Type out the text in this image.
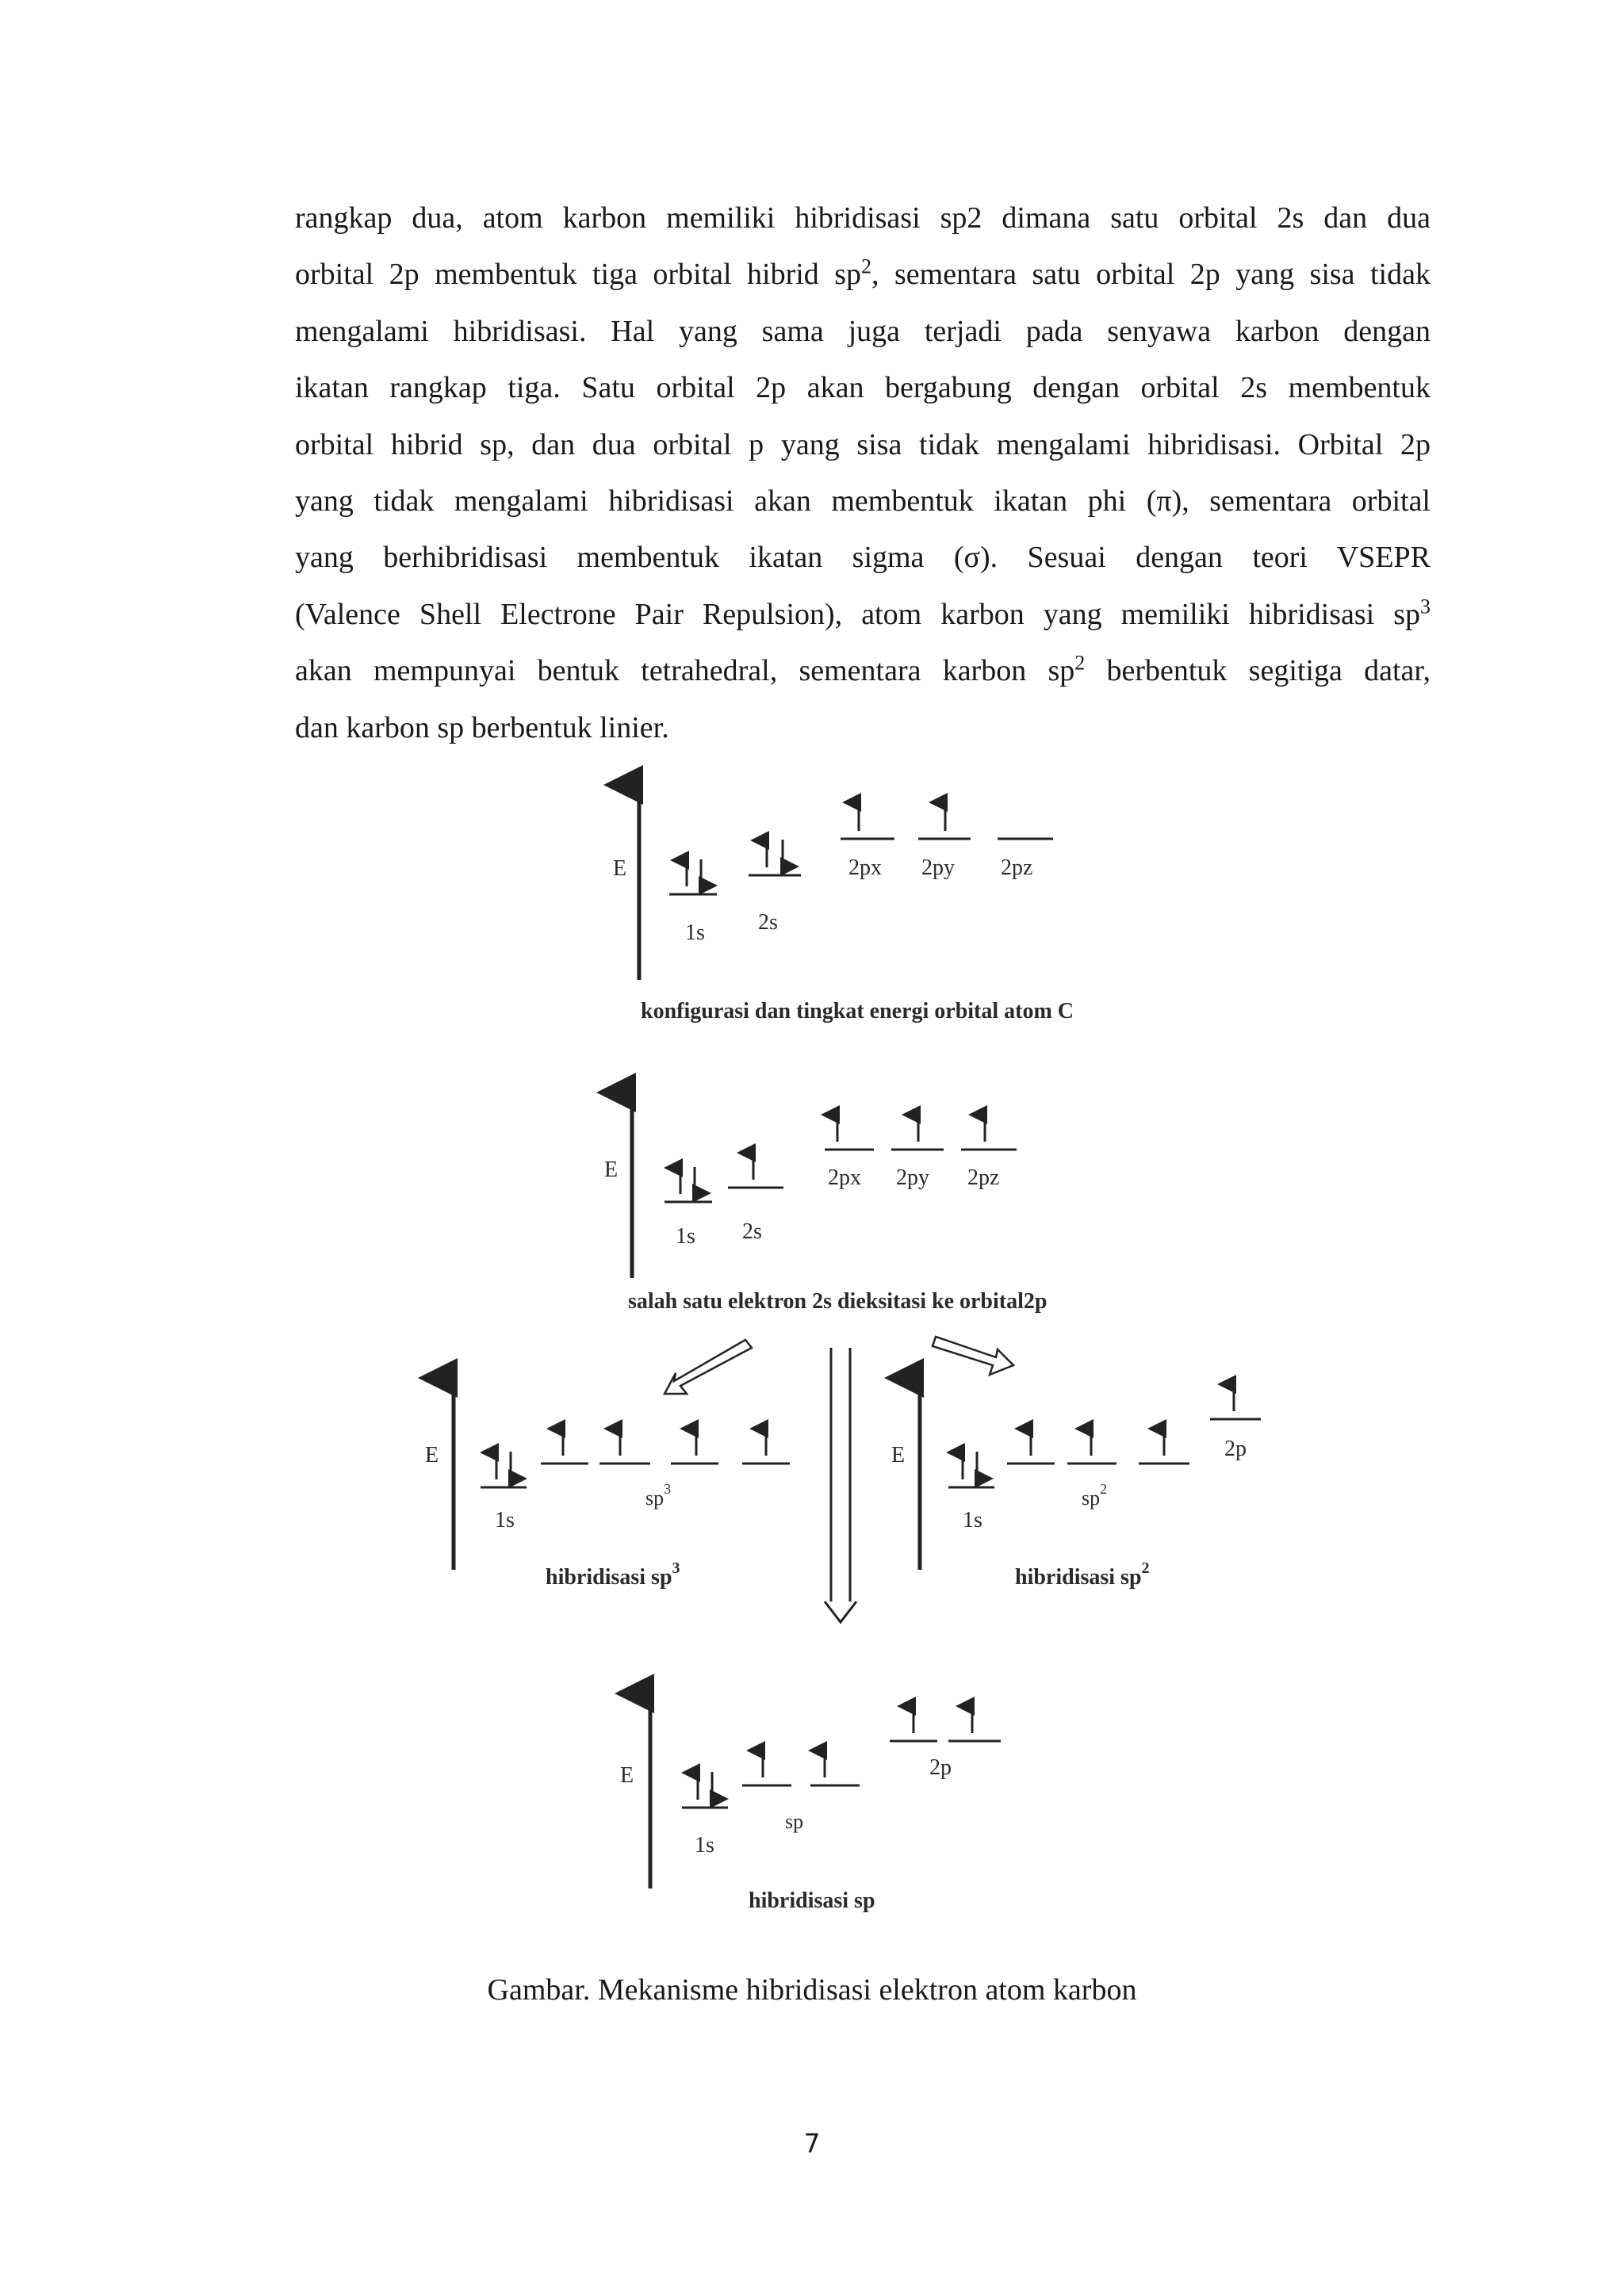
rangkap dua, atom karbon memiliki hibridisasi sp2 dimana satu orbital 2s dan dua
orbital 2p membentuk tiga orbital hibrid $sp^2$, sementara satu orbital 2p yang sisa tidak
mengalami hibridisasi. Hal yang sama juga terjadi pada senyawa karbon dengan
ikatan rangkap tiga. Satu orbital 2p akan bergabung dengan orbital 2s membentuk
orbital hibrid sp, dan dua orbital p yang sisa tidak mengalami hibridisasi. Orbital 2p
yang tidak mengalami hibridisasi akan membentuk ikatan phi (π), sementara orbital
yang berhibridisasi membentuk ikatan sigma (σ). Sesuai dengan teori VSEPR
(Valence Shell Electrone Pair Repulsion), atom karbon yang memiliki hibridisasi $sp^3$
akan mempunyai bentuk tetrahedral, sementara karbon $sp^2$ berbentuk segitiga datar,
dan karbon sp berbentuk linier.
E
1s 2s
2px 2py 2pz
konfigurasi dan tingkat energi orbital atom C
E
1s 2s
2px 2py 2pz
salah satu elektron 2s dieksitasi ke orbital2p
E
1s
$sp^3$
hibridisasi $sp^3$
E
1s
$sp^2$
2p
hibridisasi $sp^2$
E
1s
sp
2p
hibridisasi sp
Gambar. Mekanisme hibridisasi elektron atom karbon
7
